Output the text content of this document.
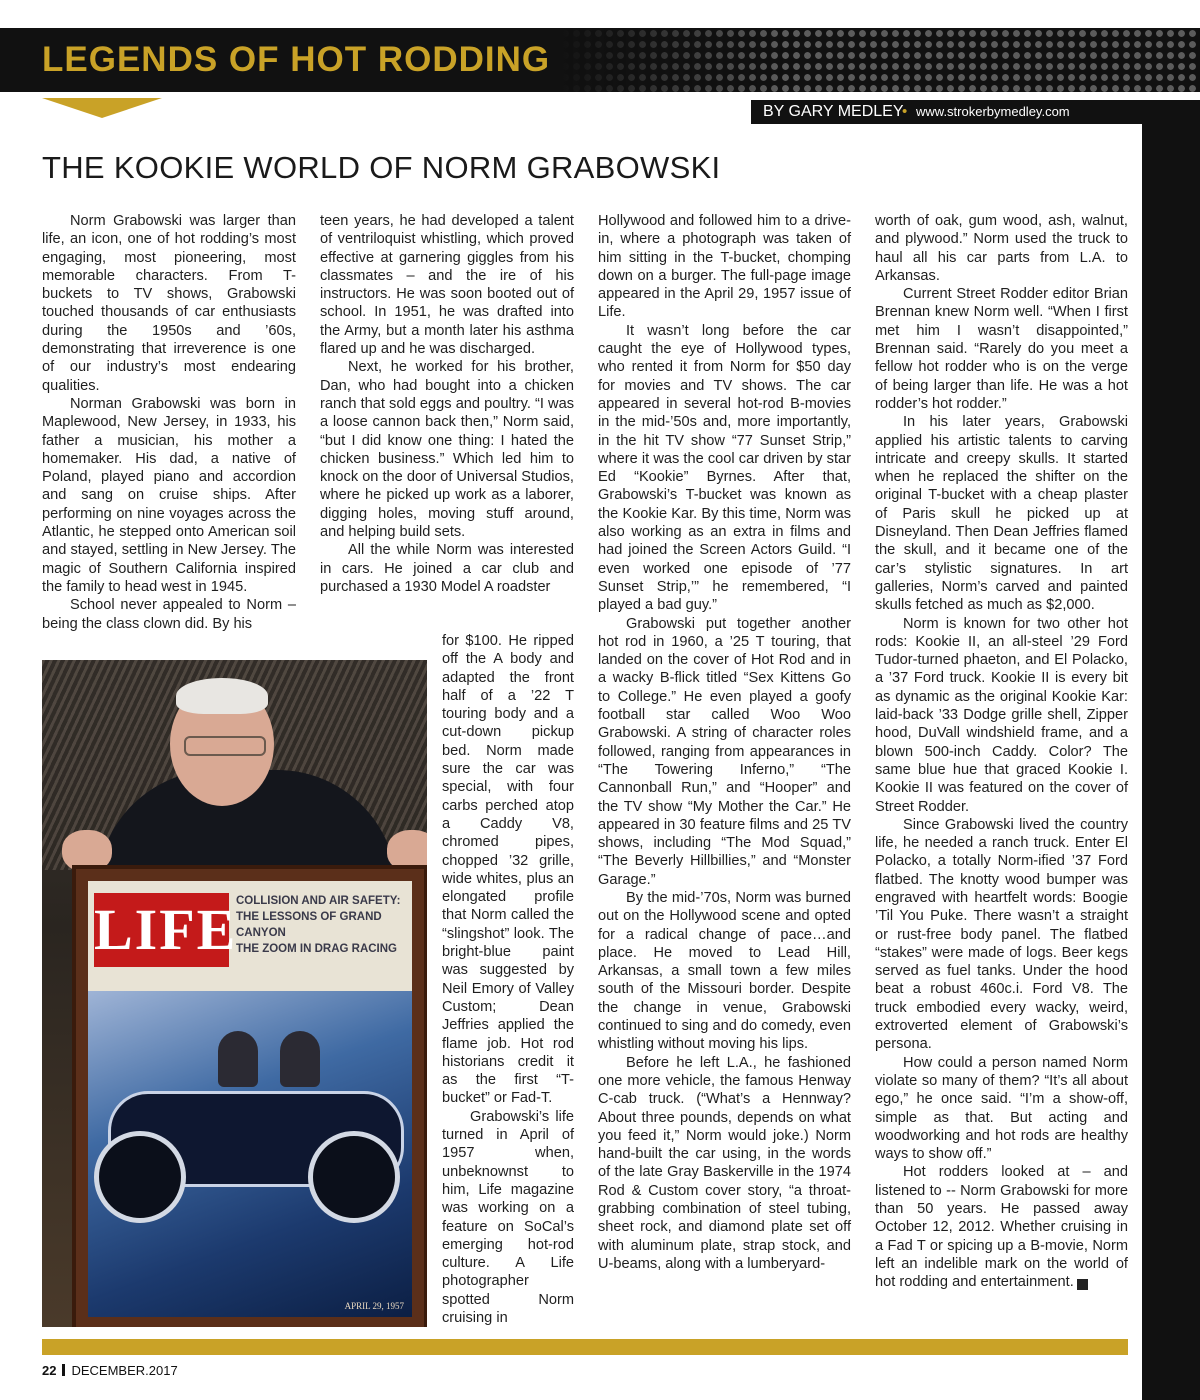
LEGENDS OF HOT RODDING
BY GARY MEDLEY
• www.strokerbymedley.com
THE KOOKIE WORLD OF NORM GRABOWSKI

Norm Grabowski was larger than life, an icon, one of hot rodding’s most engaging, most pioneering, most memorable characters. From T-buckets to TV shows, Grabowski touched thousands of car enthusiasts during the 1950s and ’60s, demonstrating that irreverence is one of our industry’s most endearing qualities.

Norman Grabowski was born in Maplewood, New Jersey, in 1933, his father a musician, his mother a homemaker. His dad, a native of Poland, played piano and accordion and sang on cruise ships. After performing on nine voyages across the Atlantic, he stepped onto American soil and stayed, settling in New Jersey. The magic of Southern California inspired the family to head west in 1945.

School never appealed to Norm – being the class clown did. By his

teen years, he had developed a talent of ventriloquist whistling, which proved effective at garnering giggles from his classmates – and the ire of his instructors. He was soon booted out of school. In 1951, he was drafted into the Army, but a month later his asthma flared up and he was discharged.

Next, he worked for his brother, Dan, who had bought into a chicken ranch that sold eggs and poultry. “I was a loose cannon back then,” Norm said, “but I did know one thing: I hated the chicken business.” Which led him to knock on the door of Universal Studios, where he picked up work as a laborer, digging holes, moving stuff around, and helping build sets.

All the while Norm was interested in cars. He joined a car club and purchased a 1930 Model A roadster

for $100. He ripped off the A body and adapted the front half of a ’22 T touring body and a cut-down pickup bed. Norm made sure the car was special, with four carbs perched atop a Caddy V8, chromed pipes, chopped ’32 grille, wide whites, plus an elongated profile that Norm called the “slingshot” look. The bright-blue paint was suggested by Neil Emory of Valley Custom; Dean Jeffries applied the flame job. Hot rod historians credit it as the first “T-bucket” or Fad-T.

Grabowski’s life turned in April of 1957 when, unbeknownst to him, Life magazine was working on a feature on SoCal’s emerging hot-rod culture. A Life photographer spotted Norm cruising in

LIFE
COLLISION AND AIR SAFETY:
THE LESSONS OF GRAND CANYON
THE ZOOM IN DRAG RACING
APRIL 29, 1957

Hollywood and followed him to a drive-in, where a photograph was taken of him sitting in the T-bucket, chomping down on a burger. The full-page image appeared in the April 29, 1957 issue of Life.

It wasn’t long before the car caught the eye of Hollywood types, who rented it from Norm for $50 day for movies and TV shows. The car appeared in several hot-rod B-movies in the mid-’50s and, more importantly, in the hit TV show “77 Sunset Strip,” where it was the cool car driven by star Ed “Kookie” Byrnes. After that, Grabowski’s T-bucket was known as the Kookie Kar. By this time, Norm was also working as an extra in films and had joined the Screen Actors Guild. “I even worked one episode of ’77 Sunset Strip,’” he remembered, “I played a bad guy.”

Grabowski put together another hot rod in 1960, a ’25 T touring, that landed on the cover of Hot Rod and in a wacky B-flick titled “Sex Kittens Go to College.” He even played a goofy football star called Woo Woo Grabowski. A string of character roles followed, ranging from appearances in “The Towering Inferno,” “The Cannonball Run,” and “Hooper” and the TV show “My Mother the Car.” He appeared in 30 feature films and 25 TV shows, including “The Mod Squad,” “The Beverly Hillbillies,” and “Monster Garage.”

By the mid-’70s, Norm was burned out on the Hollywood scene and opted for a radical change of pace…and place. He moved to Lead Hill, Arkansas, a small town a few miles south of the Missouri border. Despite the change in venue, Grabowski continued to sing and do comedy, even whistling without moving his lips.

Before he left L.A., he fashioned one more vehicle, the famous Henway C-cab truck. (“What’s a Hennway? About three pounds, depends on what you feed it,” Norm would joke.) Norm hand-built the car using, in the words of the late Gray Baskerville in the 1974 Rod & Custom cover story, “a throat-grabbing combination of steel tubing, sheet rock, and diamond plate set off with aluminum plate, strap stock, and U-beams, along with a lumberyard-

worth of oak, gum wood, ash, walnut, and plywood.” Norm used the truck to haul all his car parts from L.A. to Arkansas.

Current Street Rodder editor Brian Brennan knew Norm well. “When I first met him I wasn’t disappointed,” Brennan said. “Rarely do you meet a fellow hot rodder who is on the verge of being larger than life. He was a hot rodder’s hot rodder.”

In his later years, Grabowski applied his artistic talents to carving intricate and creepy skulls. It started when he replaced the shifter on the original T-bucket with a cheap plaster of Paris skull he picked up at Disneyland. Then Dean Jeffries flamed the skull, and it became one of the car’s stylistic signatures. In art galleries, Norm’s carved and painted skulls fetched as much as $2,000.

Norm is known for two other hot rods: Kookie II, an all-steel ’29 Ford Tudor-turned phaeton, and El Polacko, a ’37 Ford truck. Kookie II is every bit as dynamic as the original Kookie Kar: laid-back ’33 Dodge grille shell, Zipper hood, DuVall windshield frame, and a blown 500-inch Caddy. Color? The same blue hue that graced Kookie I. Kookie II was featured on the cover of Street Rodder.

Since Grabowski lived the country life, he needed a ranch truck. Enter El Polacko, a totally Norm-ified ’37 Ford flatbed. The knotty wood bumper was engraved with heartfelt words: Boogie ’Til You Puke. There wasn’t a straight or rust-free body panel. The flatbed “stakes” were made of logs. Beer kegs served as fuel tanks. Under the hood beat a robust 460c.i. Ford V8. The truck embodied every wacky, weird, extroverted element of Grabowski’s persona.

How could a person named Norm violate so many of them? “It’s all about ego,” he once said. “I’m a show-off, simple as that. But acting and woodworking and hot rods are healthy ways to show off.”

Hot rodders looked at – and listened to -- Norm Grabowski for more than 50 years. He passed away October 12, 2012. Whether cruising in a Fad T or spicing up a B-movie, Norm left an indelible mark on the world of hot rodding and entertainment.	GG

22 DECEMBER.2017
